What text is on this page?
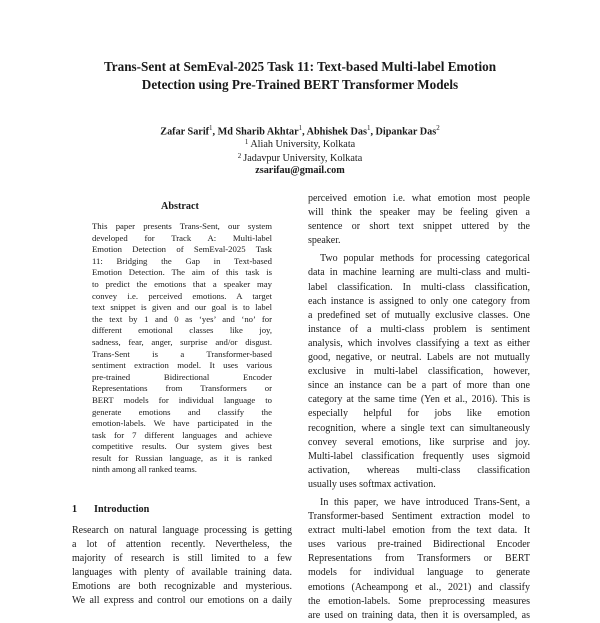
Trans-Sent at SemEval-2025 Task 11: Text-based Multi-label Emotion
Detection using Pre-Trained BERT Transformer Models
Zafar Sarif$^1$, Md Sharib Akhtar$^1$, Abhishek Das$^1$, Dipankar Das$^2$
$^1$ Aliah University, Kolkata
$^2$ Jadavpur University, Kolkata
zsarifau@gmail.com
Abstract
This paper presents Trans-Sent, our system
developed for Track A: Multi-label
Emotion Detection of SemEval-2025 Task
11: Bridging the Gap in Text-based
Emotion Detection. The aim of this task is
to predict the emotions that a speaker may
convey i.e. perceived emotions. A target
text snippet is given and our goal is to label
the text by 1 and 0 as ‘yes’ and ‘no’ for
different emotional classes like joy,
sadness, fear, anger, surprise and/or disgust.
Trans-Sent is a Transformer-based
sentiment extraction model. It uses various
pre-trained Bidirectional Encoder
Representations from Transformers or
BERT models for individual language to
generate emotions and classify the
emotion-labels. We have participated in the
task for 7 different languages and achieve
competitive results. Our system gives best
result for Russian language, as it is ranked
ninth among all ranked teams.
1 Introduction
Research on natural language processing is getting
a lot of attention recently. Nevertheless, the
majority of research is still limited to a few
languages with plenty of available training data.
Emotions are both recognizable and mysterious.
We all express and control our emotions on a daily
perceived emotion i.e. what emotion most people
will think the speaker may be feeling given a
sentence or short text snippet uttered by the
speaker.
Two popular methods for processing categorical
data in machine learning are multi-class and multi-
label classification. In multi-class classification,
each instance is assigned to only one category from
a predefined set of mutually exclusive classes. One
instance of a multi-class problem is sentiment
analysis, which involves classifying a text as either
good, negative, or neutral. Labels are not mutually
exclusive in multi-label classification, however,
since an instance can be a part of more than one
category at the same time (Yen et al., 2016). This is
especially helpful for jobs like emotion
recognition, where a single text can simultaneously
convey several emotions, like surprise and joy.
Multi-label classification frequently uses sigmoid
activation, whereas multi-class classification
usually uses softmax activation.
In this paper, we have introduced Trans-Sent, a
Transformer-based Sentiment extraction model to
extract multi-label emotion from the text data. It
uses various pre-trained Bidirectional Encoder
Representations from Transformers or BERT
models for individual language to generate
emotions (Acheampong et al., 2021) and classify
the emotion-labels. Some preprocessing measures
are used on training data, then it is oversampled, as
